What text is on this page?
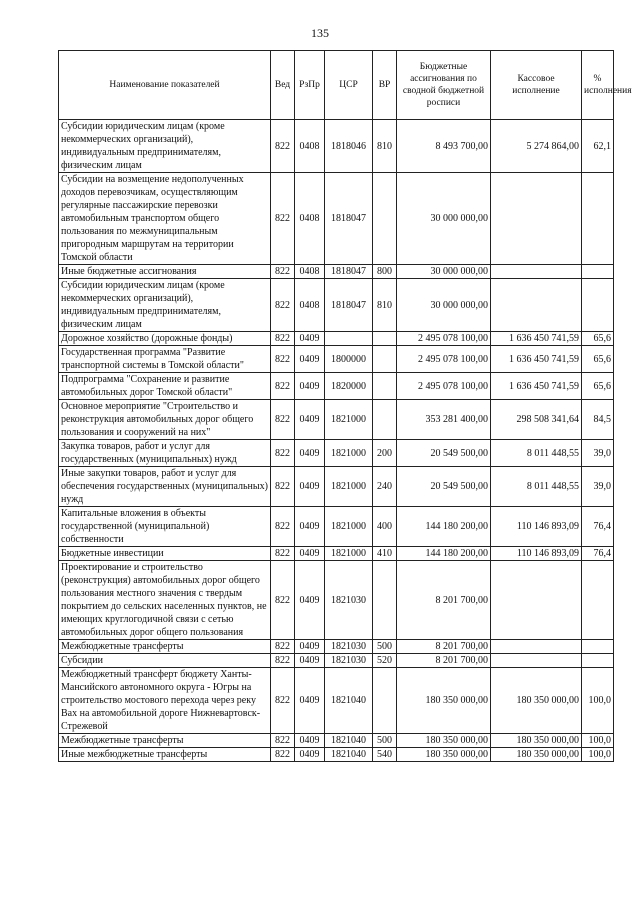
135
Наименование показателей	Вед	РзПр	ЦСР	ВР	Бюджетные ассигнования по сводной бюджетной росписи	Кассовое исполнение	% исполнения
Субсидии юридическим лицам (кроме некоммерческих организаций), индивидуальным предпринимателям, физическим лицам	822	0408	1818046	810	8 493 700,00	5 274 864,00	62,1
Субсидии на возмещение недополученных доходов перевозчикам, осуществляющим регулярные пассажирские перевозки автомобильным транспортом общего пользования по межмуниципальным пригородным маршрутам на территории Томской области	822	0408	1818047		30 000 000,00		
Иные бюджетные ассигнования	822	0408	1818047	800	30 000 000,00		
Субсидии юридическим лицам (кроме некоммерческих организаций), индивидуальным предпринимателям, физическим лицам	822	0408	1818047	810	30 000 000,00		
Дорожное хозяйство (дорожные фонды)	822	0409			2 495 078 100,00	1 636 450 741,59	65,6
Государственная программа "Развитие транспортной системы в Томской области"	822	0409	1800000		2 495 078 100,00	1 636 450 741,59	65,6
Подпрограмма "Сохранение и развитие автомобильных дорог Томской области"	822	0409	1820000		2 495 078 100,00	1 636 450 741,59	65,6
Основное мероприятие "Строительство и реконструкция автомобильных дорог общего пользования и сооружений на них"	822	0409	1821000		353 281 400,00	298 508 341,64	84,5
Закупка товаров, работ и услуг для государственных (муниципальных) нужд	822	0409	1821000	200	20 549 500,00	8 011 448,55	39,0
Иные закупки товаров, работ и услуг для обеспечения государственных (муниципальных) нужд	822	0409	1821000	240	20 549 500,00	8 011 448,55	39,0
Капитальные вложения в объекты государственной (муниципальной) собственности	822	0409	1821000	400	144 180 200,00	110 146 893,09	76,4
Бюджетные инвестиции	822	0409	1821000	410	144 180 200,00	110 146 893,09	76,4
Проектирование и строительство (реконструкция) автомобильных дорог общего пользования местного значения с твердым покрытием до сельских населенных пунктов, не имеющих круглогодичной связи с сетью автомобильных дорог общего пользования	822	0409	1821030		8 201 700,00		
Межбюджетные трансферты	822	0409	1821030	500	8 201 700,00		
Субсидии	822	0409	1821030	520	8 201 700,00		
Межбюджетный трансферт бюджету Ханты-Мансийского автономного округа - Югры на строительство мостового перехода через реку Вах на автомобильной дороге Нижневартовск-Стрежевой	822	0409	1821040		180 350 000,00	180 350 000,00	100,0
Межбюджетные трансферты	822	0409	1821040	500	180 350 000,00	180 350 000,00	100,0
Иные межбюджетные трансферты	822	0409	1821040	540	180 350 000,00	180 350 000,00	100,0
